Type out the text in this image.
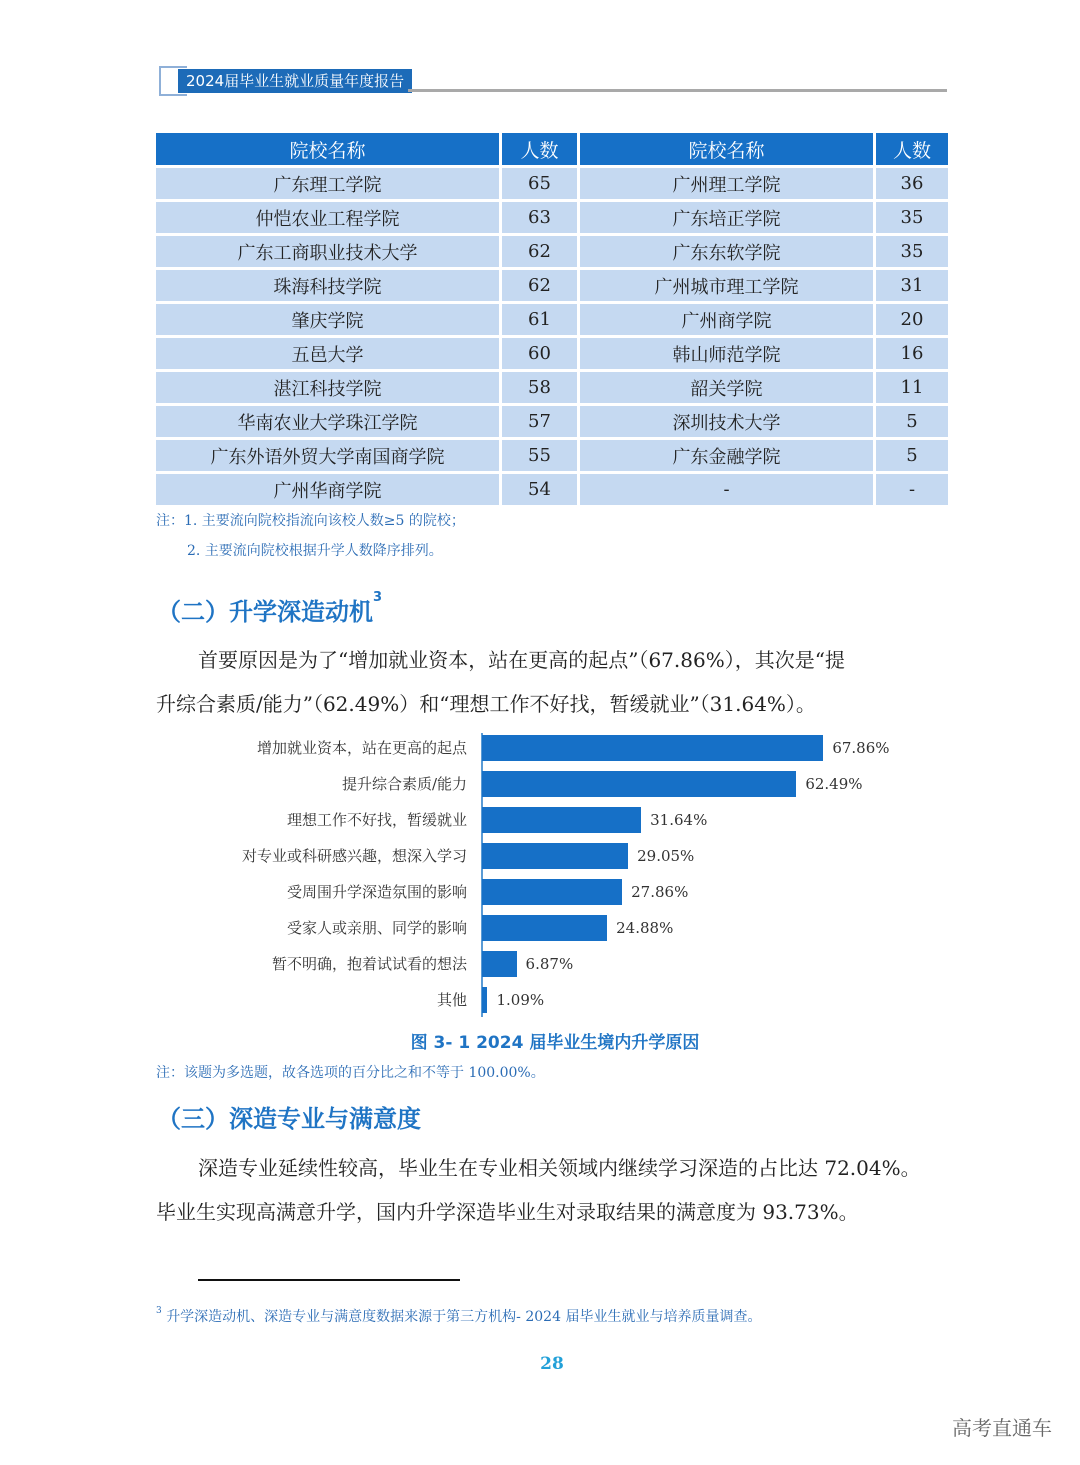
2024届毕业生就业质量年度报告
院校名称	人数	院校名称	人数
广东理工学院	65	广州理工学院	36
仲恺农业工程学院	63	广东培正学院	35
广东工商职业技术大学	62	广东东软学院	35
珠海科技学院	62	广州城市理工学院	31
肇庆学院	61	广州商学院	20
五邑大学	60	韩山师范学院	16
湛江科技学院	58	韶关学院	11
华南农业大学珠江学院	57	深圳技术大学	5
广东外语外贸大学南国商学院	55	广东金融学院	5
广州华商学院	54	-	-
注：1. 主要流向院校指流向该校人数≥5 的院校；
2. 主要流向院校根据升学人数降序排列。
（二）升学深造动机$^3$
首要原因是为了“增加就业资本，站在更高的起点”（67.86%），其次是“提
升综合素质/能力”（62.49%）和“理想工作不好找，暂缓就业”（31.64%）。
增加就业资本，站在更高的起点	67.86%
提升综合素质/能力	62.49%
理想工作不好找，暂缓就业	31.64%
对专业或科研感兴趣，想深入学习	29.05%
受周围升学深造氛围的影响	27.86%
受家人或亲朋、同学的影响	24.88%
暂不明确，抱着试试看的想法	6.87%
其他 1.09%
图 3- 1 2024 届毕业生境内升学原因
注：该题为多选题，故各选项的百分比之和不等于 100.00%。
（三）深造专业与满意度
深造专业延续性较高，毕业生在专业相关领域内继续学习深造的占比达 72.04%。
毕业生实现高满意升学，国内升学深造毕业生对录取结果的满意度为 93.73%。
$^3$ 升学深造动机、深造专业与满意度数据来源于第三方机构- 2024 届毕业生就业与培养质量调查。
28
高考直通车
